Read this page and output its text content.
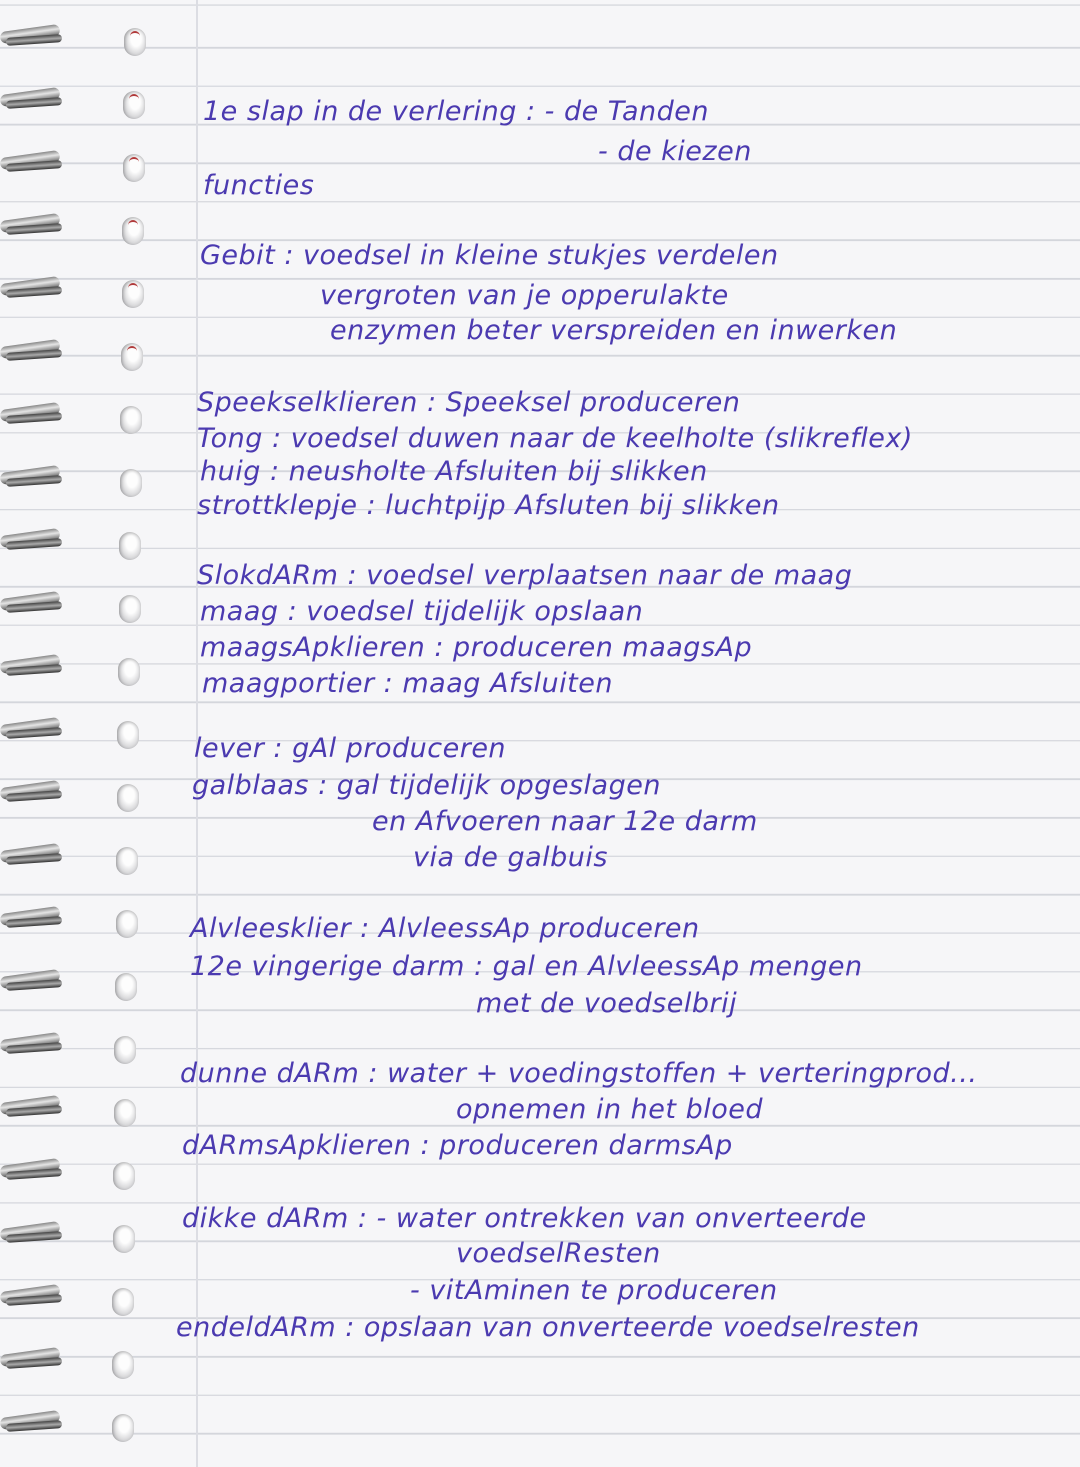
1e slap in de verlering : - de Tanden
- de kiezen
functies
Gebit : voedsel in kleine stukjes verdelen
vergroten van je opperulakte
enzymen beter verspreiden en inwerken
Speekselklieren : Speeksel produceren
Tong : voedsel duwen naar de keelholte (slikreflex)
huig : neusholte Afsluiten bij slikken
strottklepje : luchtpijp Afsluten bij slikken
SlokdARm : voedsel verplaatsen naar de maag
maag : voedsel tijdelijk opslaan
maagsApklieren : produceren maagsAp
maagportier : maag Afsluiten
lever : gAl produceren
galblaas : gal tijdelijk opgeslagen
en Afvoeren naar 12e darm
via de galbuis
Alvleesklier : AlvleessAp produceren
12e vingerige darm : gal en AlvleessAp mengen
met de voedselbrij
dunne dARm : water + voedingstoffen + verteringprod...
opnemen in het bloed
dARmsApklieren : produceren darmsAp
dikke dARm : - water ontrekken van onverteerde
voedselResten
- vitAminen te produceren
endeldARm : opslaan van onverteerde voedselresten
